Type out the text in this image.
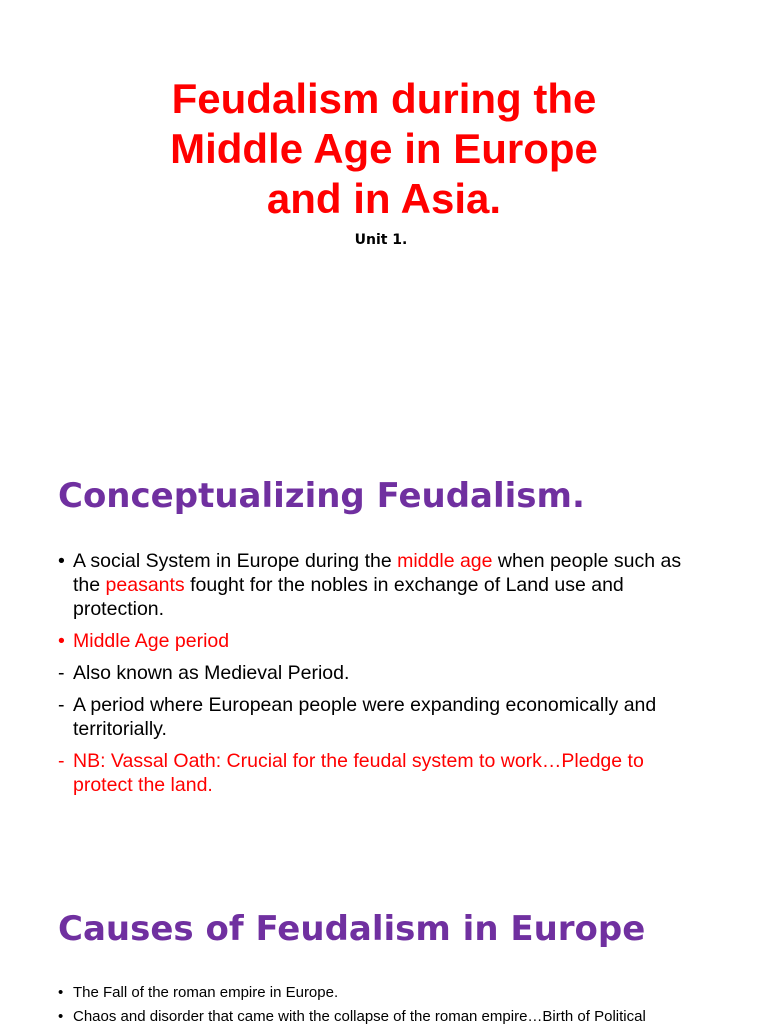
Feudalism during the
Middle Age in Europe
and in Asia.
Unit 1.
Conceptualizing Feudalism.
• A social System in Europe during the middle age when people such as the peasants fought for the nobles in exchange of Land use and protection.
• Middle Age period
- Also known as Medieval Period.
- A period where European people were expanding economically and territorially.
- NB: Vassal Oath: Crucial for the feudal system to work…Pledge to protect the land.
Causes of Feudalism in Europe
• The Fall of the roman empire in Europe.
• Chaos and disorder that came with the collapse of the roman empire…Birth of Political
